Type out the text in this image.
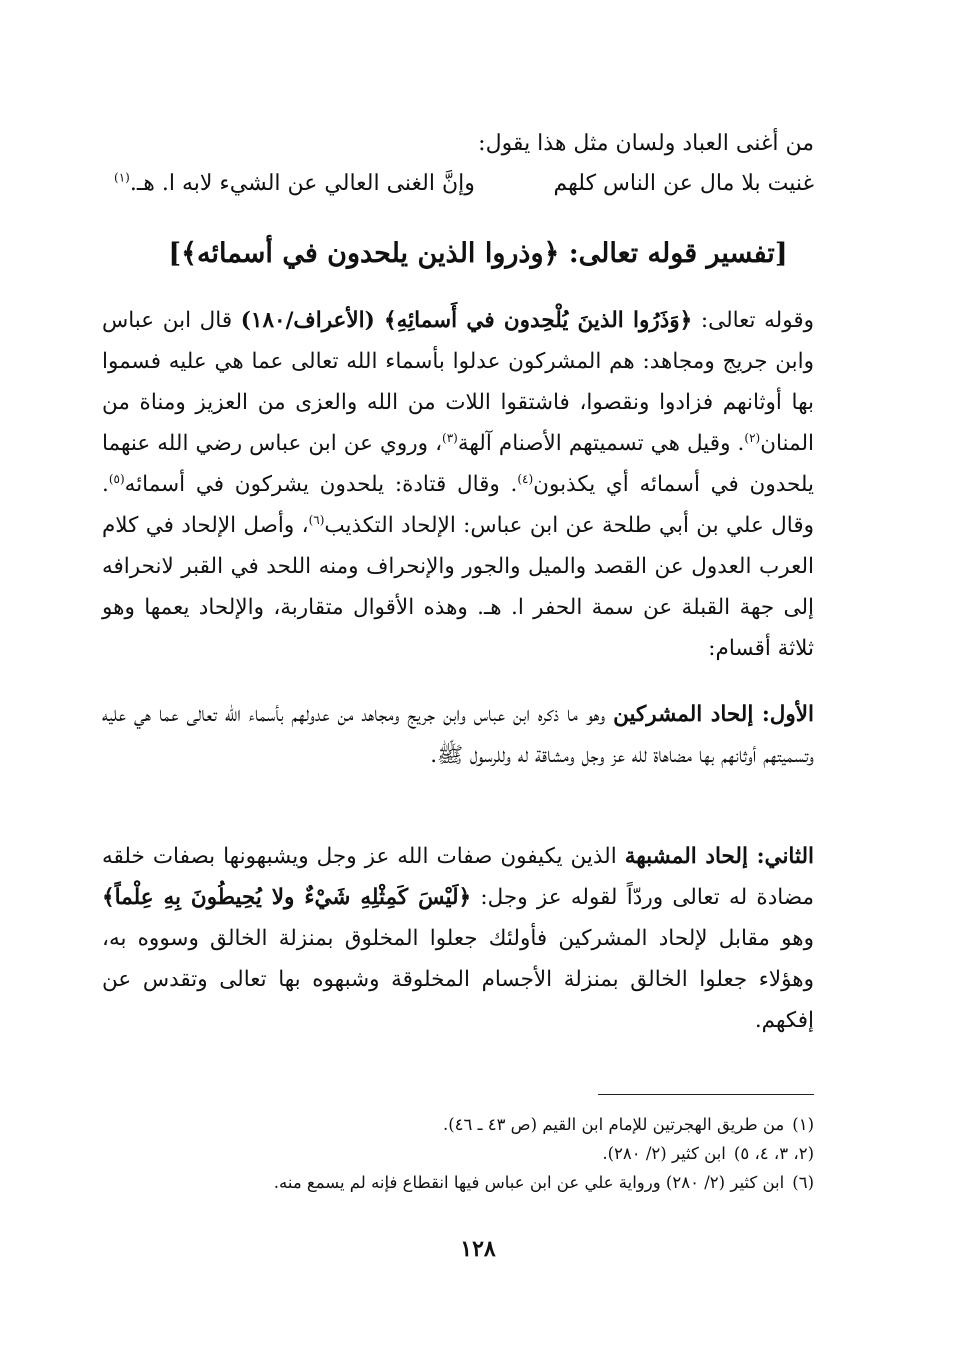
من أغنى العباد ولسان مثل هذا يقول:
غنيت بلا مال عن الناس كلهم
وإنَّ الغنى العالي عن الشيء لابه ا. هـ.$^{(١)}$
[تفسير قوله تعالى: ﴿وذروا الذين يلحدون في أسمائه﴾]
وقوله تعالى: ﴿وَذَرُوا الذينَ يُلْحِدون في أَسمائِهِ﴾ (الأعراف/١٨٠) قال ابن عباس وابن جريج ومجاهد: هم المشركون عدلوا بأسماء الله تعالى عما هي عليه فسموا بها أوثانهم فزادوا ونقصوا، فاشتقوا اللات من الله والعزى من العزيز ومناة من المنان$^{(٢)}$. وقيل هي تسميتهم الأصنام آلهة$^{(٣)}$، وروي عن ابن عباس رضي الله عنهما يلحدون في أسمائه أي يكذبون$^{(٤)}$. وقال قتادة: يلحدون يشركون في أسمائه$^{(٥)}$. وقال علي بن أبي طلحة عن ابن عباس: الإلحاد التكذيب$^{(٦)}$، وأصل الإلحاد في كلام العرب العدول عن القصد والميل والجور والإنحراف ومنه اللحد في القبر لانحرافه إلى جهة القبلة عن سمة الحفر ا. هـ. وهذه الأقوال متقاربة، والإلحاد يعمها وهو ثلاثة أقسام:
الأول: إلحاد المشركين وهو ما ذكره ابن عباس وابن جريج ومجاهد من عدولهم بأسماء الله تعالى عما هي عليه وتسميتهم أوثانهم بها مضاهاة لله عز وجل ومشاقة له وللرسول ﷺ.
الثاني: إلحاد المشبهة الذين يكيفون صفات الله عز وجل ويشبهونها بصفات خلقه مضادة له تعالى وردّاً لقوله عز وجل: ﴿لَيْسَ كَمِثْلِهِ شَيْءٌ ولا يُحِيطُونَ بِهِ عِلْماً﴾ وهو مقابل لإلحاد المشركين فأولئك جعلوا المخلوق بمنزلة الخالق وسووه به، وهؤلاء جعلوا الخالق بمنزلة الأجسام المخلوقة وشبهوه بها تعالى وتقدس عن إفكهم.
(١)من طريق الهجرتين للإمام ابن القيم (ص ٤٣ ـ ٤٦).
(٢، ٣، ٤، ٥)ابن كثير (٢/ ٢٨٠).
(٦)ابن كثير (٢/ ٢٨٠) ورواية علي عن ابن عباس فيها انقطاع فإنه لم يسمع منه.
١٢٨
